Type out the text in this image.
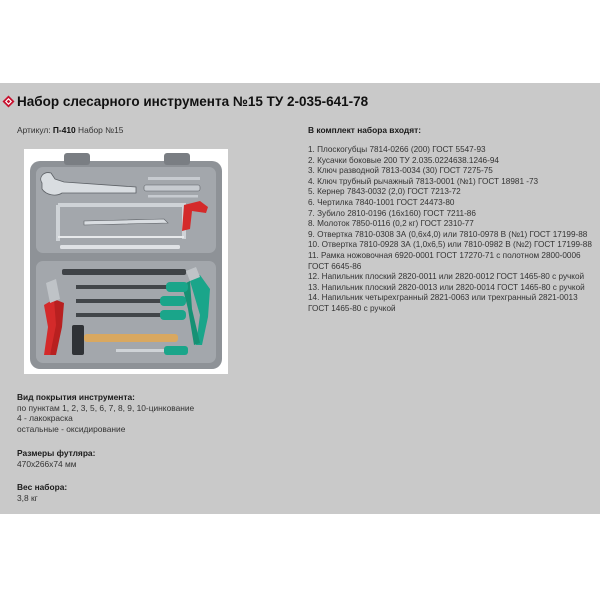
Набор слесарного инструмента №15 ТУ 2-035-641-78
Артикул: П-410 Набор №15
Вид покрытия инструмента:
по пунктам 1, 2, 3, 5, 6, 7, 8, 9, 10-цинкование
4 - лакокраска
остальные - оксидирование
Размеры футляра:
470х266х74 мм
Вес набора:
3,8 кг
В комплект набора входят:
1. Плоскогубцы 7814-0266 (200) ГОСТ 5547-93
2. Кусачки боковые 200 ТУ 2.035.0224638.1246-94
3. Ключ разводной 7813-0034 (30) ГОСТ 7275-75
4. Ключ трубный рычажный 7813-0001 (№1) ГОСТ 18981 -73
5. Кернер 7843-0032 (2,0) ГОСТ 7213-72
6. Чертилка 7840-1001 ГОСТ 24473-80
7. Зубило 2810-0196 (16x160) ГОСТ 7211-86
8. Молоток 7850-0116 (0,2 кг) ГОСТ 2310-77
9. Отвертка 7810-0308 3А (0,6х4,0) или 7810-0978 В (№1) ГОСТ 17199-88
10. Отвертка 7810-0928 3А (1,0х6,5) или 7810-0982 В (№2) ГОСТ 17199-88
11. Рамка ножовочная 6920-0001 ГОСТ 17270-71 с полотном 2800-0006 ГОСТ 6645-86
12. Напильник плоский 2820-0011 или 2820-0012 ГОСТ 1465-80 с ручкой
13. Напильник плоский 2820-0013 или 2820-0014 ГОСТ 1465-80 с ручкой
14. Напильник четырехгранный 2821-0063 или трехгранный 2821-0013 ГОСТ 1465-80 с ручкой
